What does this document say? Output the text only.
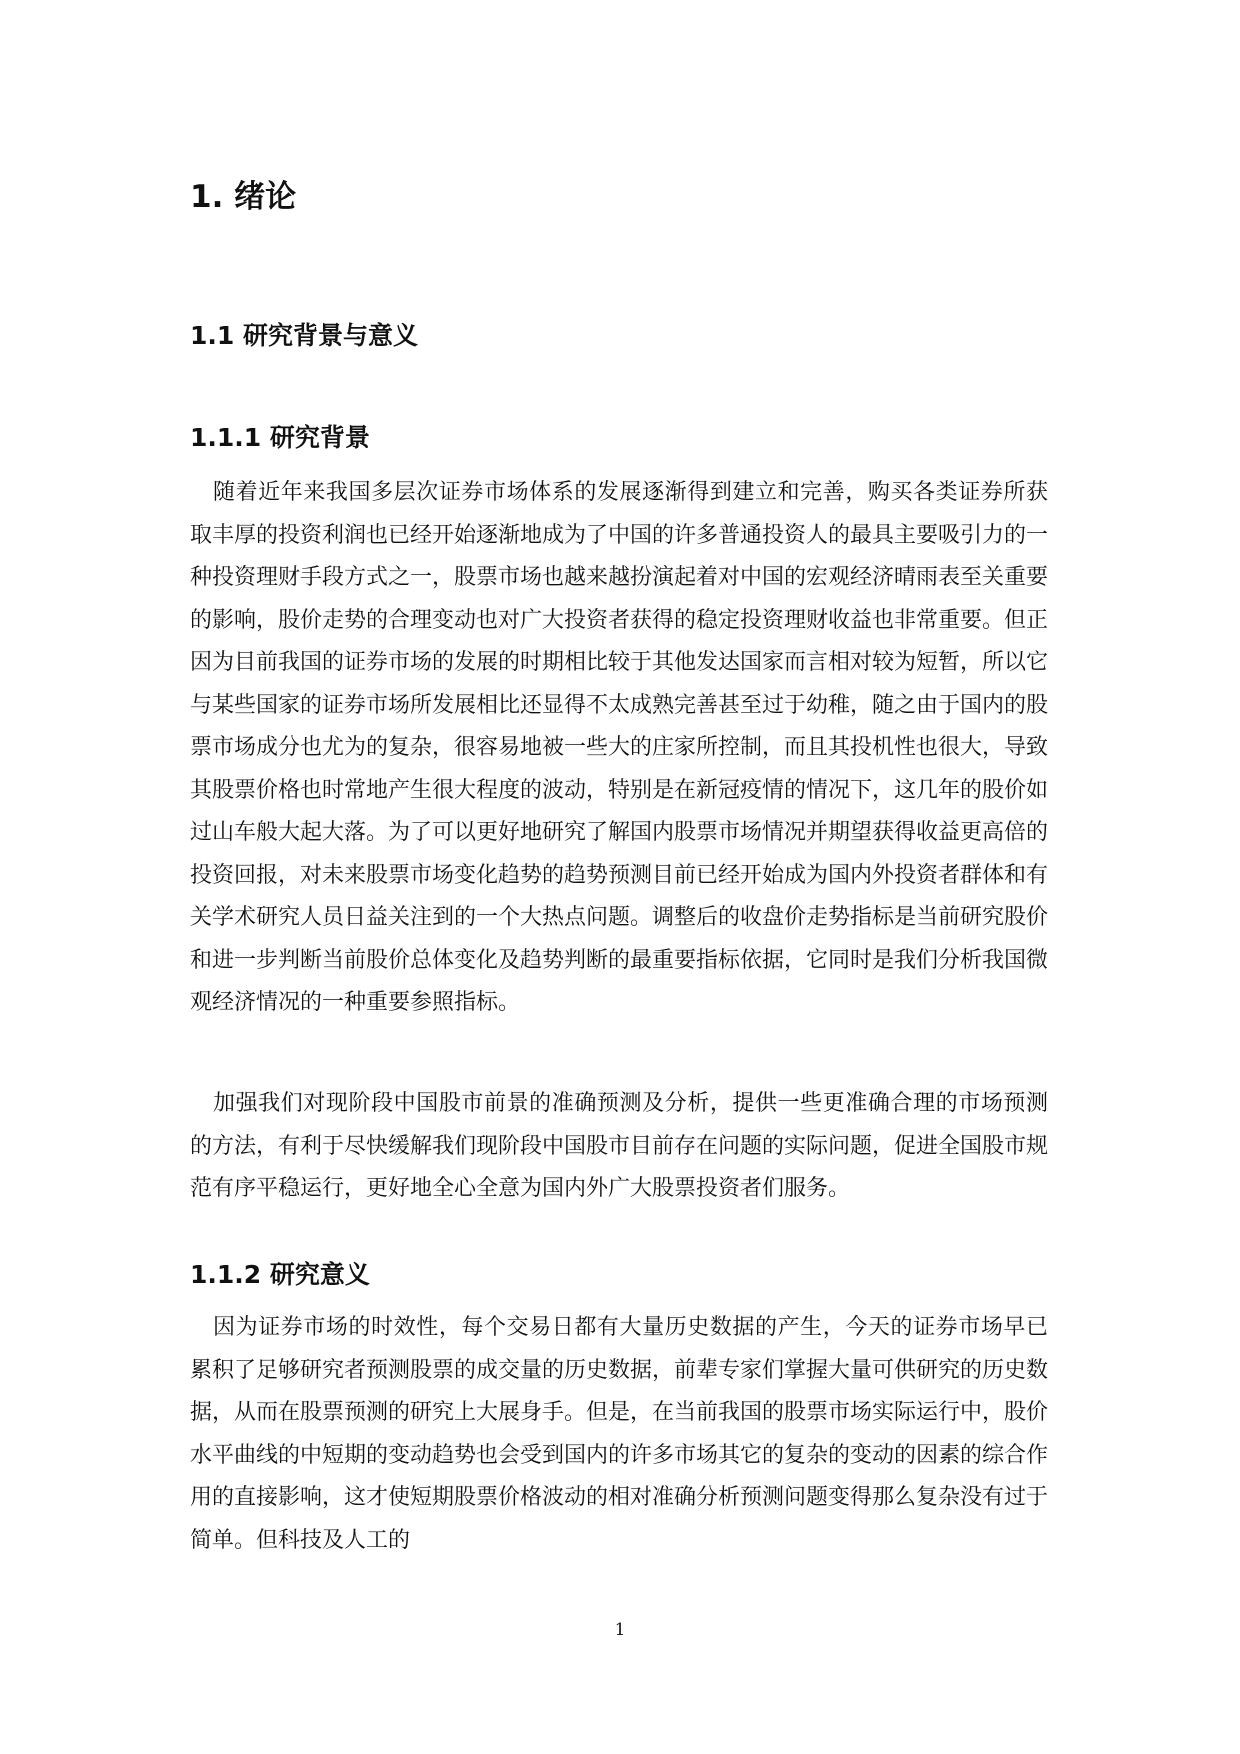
1. 绪论
1.1 研究背景与意义
1.1.1 研究背景

随着近年来我国多层次证券市场体系的发展逐渐得到建立和完善，购买各类证券所获取丰厚的投资利润也已经开始逐渐地成为了中国的许多普通投资人的最具主要吸引力的一种投资理财手段方式之一，股票市场也越来越扮演起着对中国的宏观经济晴雨表至关重要的影响，股价走势的合理变动也对广大投资者获得的稳定投资理财收益也非常重要。但正因为目前我国的证券市场的发展的时期相比较于其他发达国家而言相对较为短暂，所以它与某些国家的证券市场所发展相比还显得不太成熟完善甚至过于幼稚，随之由于国内的股票市场成分也尤为的复杂，很容易地被一些大的庄家所控制，而且其投机性也很大，导致其股票价格也时常地产生很大程度的波动，特别是在新冠疫情的情况下，这几年的股价如过山车般大起大落。为了可以更好地研究了解国内股票市场情况并期望获得收益更高倍的投资回报，对未来股票市场变化趋势的趋势预测目前已经开始成为国内外投资者群体和有关学术研究人员日益关注到的一个大热点问题。调整后的收盘价走势指标是当前研究股价和进一步判断当前股价总体变化及趋势判断的最重要指标依据，它同时是我们分析我国微观经济情况的一种重要参照指标。

加强我们对现阶段中国股市前景的准确预测及分析，提供一些更准确合理的市场预测的方法，有利于尽快缓解我们现阶段中国股市目前存在问题的实际问题，促进全国股市规范有序平稳运行，更好地全心全意为国内外广大股票投资者们服务。

1.1.2 研究意义

因为证券市场的时效性，每个交易日都有大量历史数据的产生，今天的证券市场早已累积了足够研究者预测股票的成交量的历史数据，前辈专家们掌握大量可供研究的历史数据，从而在股票预测的研究上大展身手。但是，在当前我国的股票市场实际运行中，股价水平曲线的中短期的变动趋势也会受到国内的许多市场其它的复杂的变动的因素的综合作用的直接影响，这才使短期股票价格波动的相对准确分析预测问题变得那么复杂没有过于简单。但科技及人工的

1
